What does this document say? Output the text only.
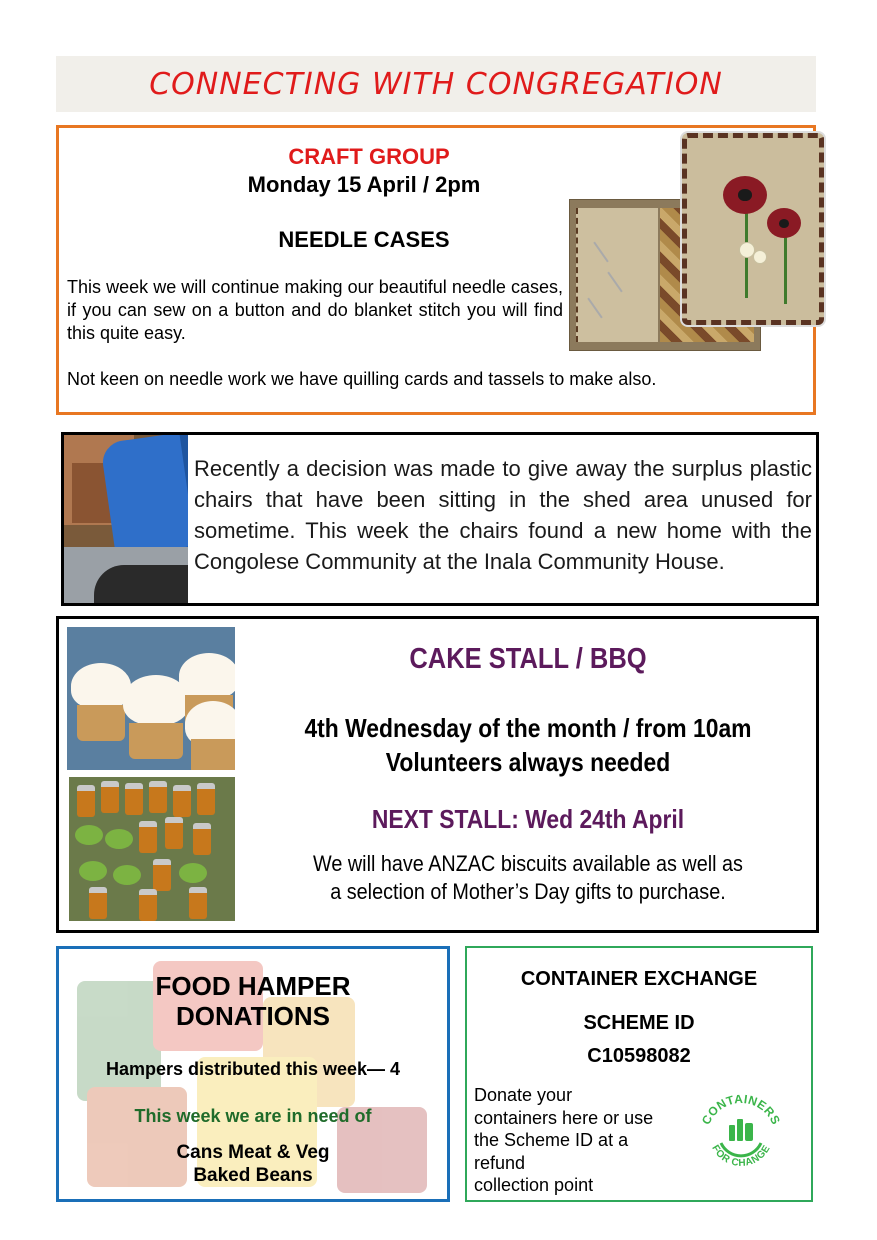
CONNECTING WITH CONGREGATION
CRAFT GROUP
Monday 15 April / 2pm
NEEDLE CASES
This week we will continue making our beautiful needle cases, if you can sew on a button and do blanket stitch you will find this quite easy.
Not keen on needle work we have quilling cards and tassels to make also.
Recently a decision was made to give away the surplus plastic chairs that have been sitting in the shed area unused for sometime. This week the chairs found a new home with the Congolese Community at the Inala Community House.
CAKE STALL / BBQ
4th Wednesday of the month / from 10am
Volunteers always needed
NEXT STALL: Wed 24th April
We will have ANZAC biscuits available as well as
a selection of Mother’s Day gifts to purchase.
FOOD HAMPER
DONATIONS
Hampers distributed this week— 4
This week we are in need of
Cans Meat & Veg
Baked Beans
CONTAINER EXCHANGE
SCHEME ID
C10598082
Donate your
containers here or use
the Scheme ID at a
refund
collection point
CONTAINERS
FOR CHANGE
